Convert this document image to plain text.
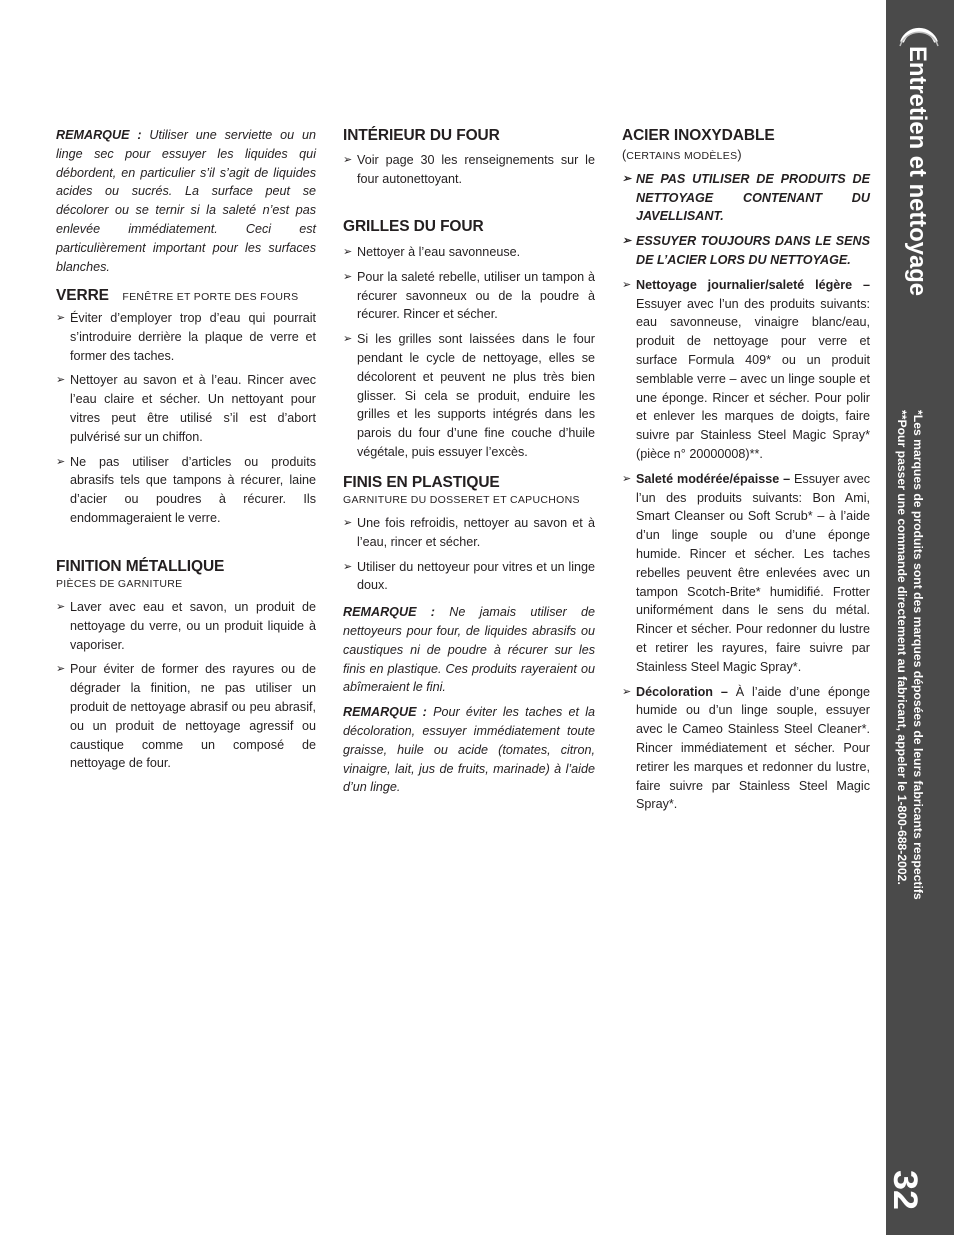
REMARQUE : Utiliser une serviette ou un linge sec pour essuyer les liquides qui débordent, en particulier s’il s’agit de liquides acides ou sucrés. La surface peut se décolorer ou se ternir si la saleté n’est pas enlevée immédiatement. Ceci est particulièrement important pour les surfaces blanches.

VERRE FENÊTRE ET PORTE DES FOURS

➢ Éviter d’employer trop d’eau qui pourrait s’introduire derrière la plaque de verre et former des taches.

➢ Nettoyer au savon et à l’eau. Rincer avec l’eau claire et sécher. Un nettoyant pour vitres peut être utilisé s’il est d’abort pulvérisé sur un chiffon.

➢ Ne pas utiliser d’articles ou produits abrasifs tels que tampons à récurer, laine d’acier ou poudres à récurer. Ils endommageraient le verre.

FINITION MÉTALLIQUE
PIÈCES DE GARNITURE

➢ Laver avec eau et savon, un produit de nettoyage du verre, ou un produit liquide à vaporiser.

➢ Pour éviter de former des rayures ou de dégrader la finition, ne pas utiliser un produit de nettoyage abrasif ou peu abrasif, ou un produit de nettoyage agressif ou caustique comme un composé de nettoyage de four.

INTÉRIEUR DU FOUR

➢ Voir page 30 les renseignements sur le four autonettoyant.

GRILLES DU FOUR

➢ Nettoyer à l’eau savonneuse.

➢ Pour la saleté rebelle, utiliser un tampon à récurer savonneux ou de la poudre à récurer. Rincer et sécher.

➢ Si les grilles sont laissées dans le four pendant le cycle de nettoyage, elles se décolorent et peuvent ne plus très bien glisser. Si cela se produit, enduire les grilles et les supports intégrés dans les parois du four d’une fine couche d’huile végétale, puis essuyer l’excès.

FINIS EN PLASTIQUE
GARNITURE DU DOSSERET ET CAPUCHONS

➢ Une fois refroidis, nettoyer au savon et à l’eau, rincer et sécher.

➢ Utiliser du nettoyeur pour vitres et un linge doux.

REMARQUE : Ne jamais utiliser de nettoyeurs pour four, de liquides abrasifs ou caustiques ni de poudre à récurer sur les finis en plastique. Ces produits rayeraient ou abîmeraient le fini.

REMARQUE : Pour éviter les taches et la décoloration, essuyer immédiatement toute graisse, huile ou acide (tomates, citron, vinaigre, lait, jus de fruits, marinade) à l’aide d’un linge.

ACIER INOXYDABLE
(CERTAINS MODÈLES)

➢ NE PAS UTILISER DE PRODUITS DE NETTOYAGE CONTENANT DU JAVELLISANT.

➢ ESSUYER TOUJOURS DANS LE SENS DE L’ACIER LORS DU NETTOYAGE.

➢ Nettoyage journalier/saleté légère – Essuyer avec l’un des produits suivants: eau savonneuse, vinaigre blanc/eau, produit de nettoyage pour verre et surface Formula 409* ou un produit semblable verre – avec un linge souple et une éponge. Rincer et sécher. Pour polir et enlever les marques de doigts, faire suivre par Stainless Steel Magic Spray* (pièce n° 20000008)**.

➢ Saleté modérée/épaisse – Essuyer avec l’un des produits suivants: Bon Ami, Smart Cleanser ou Soft Scrub* – à l’aide d’un linge souple ou d’une éponge humide. Rincer et sécher. Les taches rebelles peuvent être enlevées avec un tampon Scotch-Brite* humidifié. Frotter uniformément dans le sens du métal. Rincer et sécher. Pour redonner du lustre et retirer les rayures, faire suivre par Stainless Steel Magic Spray*.

➢ Décoloration – À l’aide d’une éponge humide ou d’un linge souple, essuyer avec le Cameo Stainless Steel Cleaner*. Rincer immédiatement et sécher. Pour retirer les marques et redonner du lustre, faire suivre par Stainless Steel Magic Spray*.

Entretien et nettoyage
*Les marques de produits sont des marques déposées de leurs fabricants respectifs
**Pour passer une commande directement au fabricant, appeler le 1-800-688-2002.
32
